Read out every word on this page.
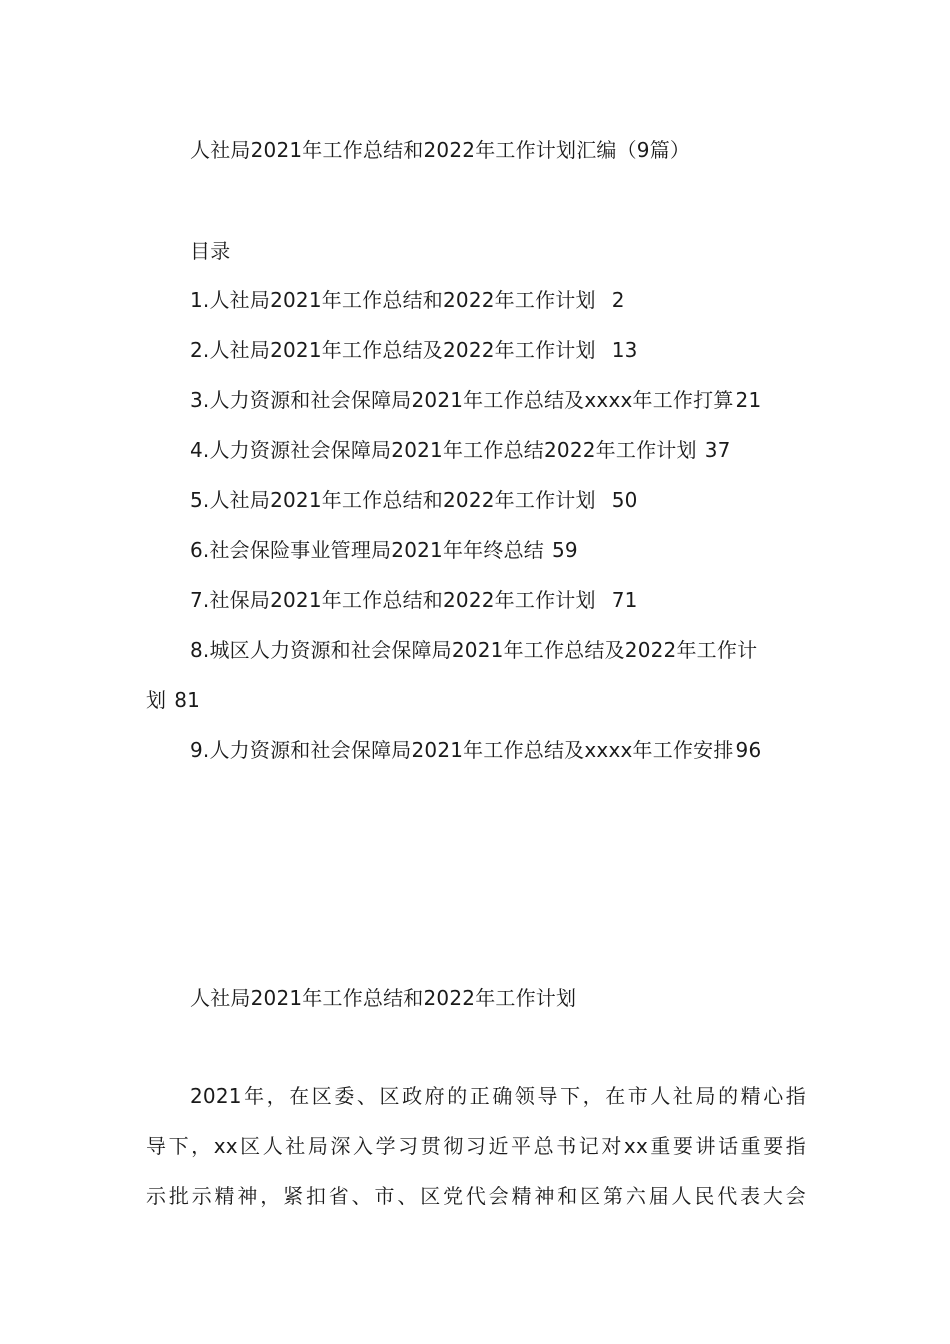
人社局2021年工作总结和2022年工作计划汇编（9篇）
目录
1.人社局2021年工作总结和2022年工作计划 2
2.人社局2021年工作总结及2022年工作计划 13
3.人力资源和社会保障局2021年工作总结及xxxx年工作打算 21
4.人力资源社会保障局2021年工作总结2022年工作计划 37
5.人社局2021年工作总结和2022年工作计划 50
6.社会保险事业管理局2021年年终总结 59
7.社保局2021年工作总结和2022年工作计划 71
8.城区人力资源和社会保障局2021年工作总结及2022年工作计
划 81
9.人力资源和社会保障局2021年工作总结及xxxx年工作安排 96
人社局2021年工作总结和2022年工作计划
2021年，在区委、区政府的正确领导下，在市人社局的精心指
导下，xx区人社局深入学习贯彻习近平总书记对xx重要讲话重要指
示批示精神，紧扣省、市、区党代会精神和区第六届人民代表大会
